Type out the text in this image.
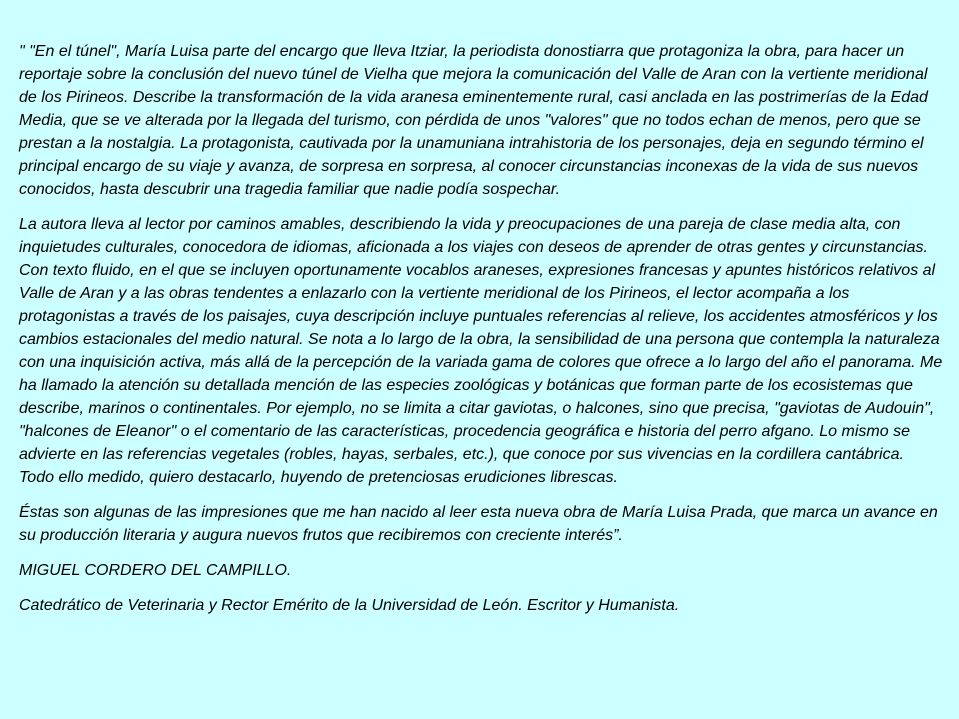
" "En el túnel", María Luisa parte del encargo que lleva Itziar, la periodista donostiarra que protagoniza la obra, para hacer un reportaje sobre la conclusión del nuevo túnel de Vielha que mejora la comunicación del Valle de Aran con la vertiente meridional de los Pirineos. Describe la transformación de la vida aranesa eminentemente rural, casi anclada en las postrimerías de la Edad Media, que se ve alterada por la llegada del turismo, con pérdida de unos "valores" que no todos echan de menos, pero que se prestan a la nostalgia. La protagonista, cautivada por la unamuniana intrahistoria de los personajes, deja en segundo término el principal encargo de su viaje y avanza, de sorpresa en sorpresa, al conocer circunstancias inconexas de la vida de sus nuevos conocidos, hasta descubrir una tragedia familiar que nadie podía sospechar.

La autora lleva al lector por caminos amables, describiendo la vida y preocupaciones de una pareja de clase media alta, con inquietudes culturales, conocedora de idiomas, aficionada a los viajes con deseos de aprender de otras gentes y circunstancias. Con texto fluido, en el que se incluyen oportunamente vocablos araneses, expresiones francesas y apuntes históricos relativos al Valle de Aran y a las obras tendentes a enlazarlo con la vertiente meridional de los Pirineos, el lector acompaña a los protagonistas a través de los paisajes, cuya descripción incluye puntuales referencias al relieve, los accidentes atmosféricos y los cambios estacionales del medio natural. Se nota a lo largo de la obra, la sensibilidad de una persona que contempla la naturaleza con una inquisición activa, más allá de la percepción de la variada gama de colores que ofrece a lo largo del año el panorama. Me ha llamado la atención su detallada mención de las especies zoológicas y botánicas que forman parte de los ecosistemas que describe, marinos o continentales. Por ejemplo, no se limita a citar gaviotas, o halcones, sino que precisa, "gaviotas de Audouin", "halcones de Eleanor" o el comentario de las características, procedencia geográfica e historia del perro afgano. Lo mismo se advierte en las referencias vegetales (robles, hayas, serbales, etc.), que conoce por sus vivencias en la cordillera cantábrica. Todo ello medido, quiero destacarlo, huyendo de pretenciosas erudiciones librescas.

Éstas son algunas de las impresiones que me han nacido al leer esta nueva obra de María Luisa Prada, que marca un avance en su producción literaria y augura nuevos frutos que recibiremos con creciente interés”.

MIGUEL CORDERO DEL CAMPILLO.

Catedrático de Veterinaria y Rector Emérito de la Universidad de León. Escritor y Humanista.
